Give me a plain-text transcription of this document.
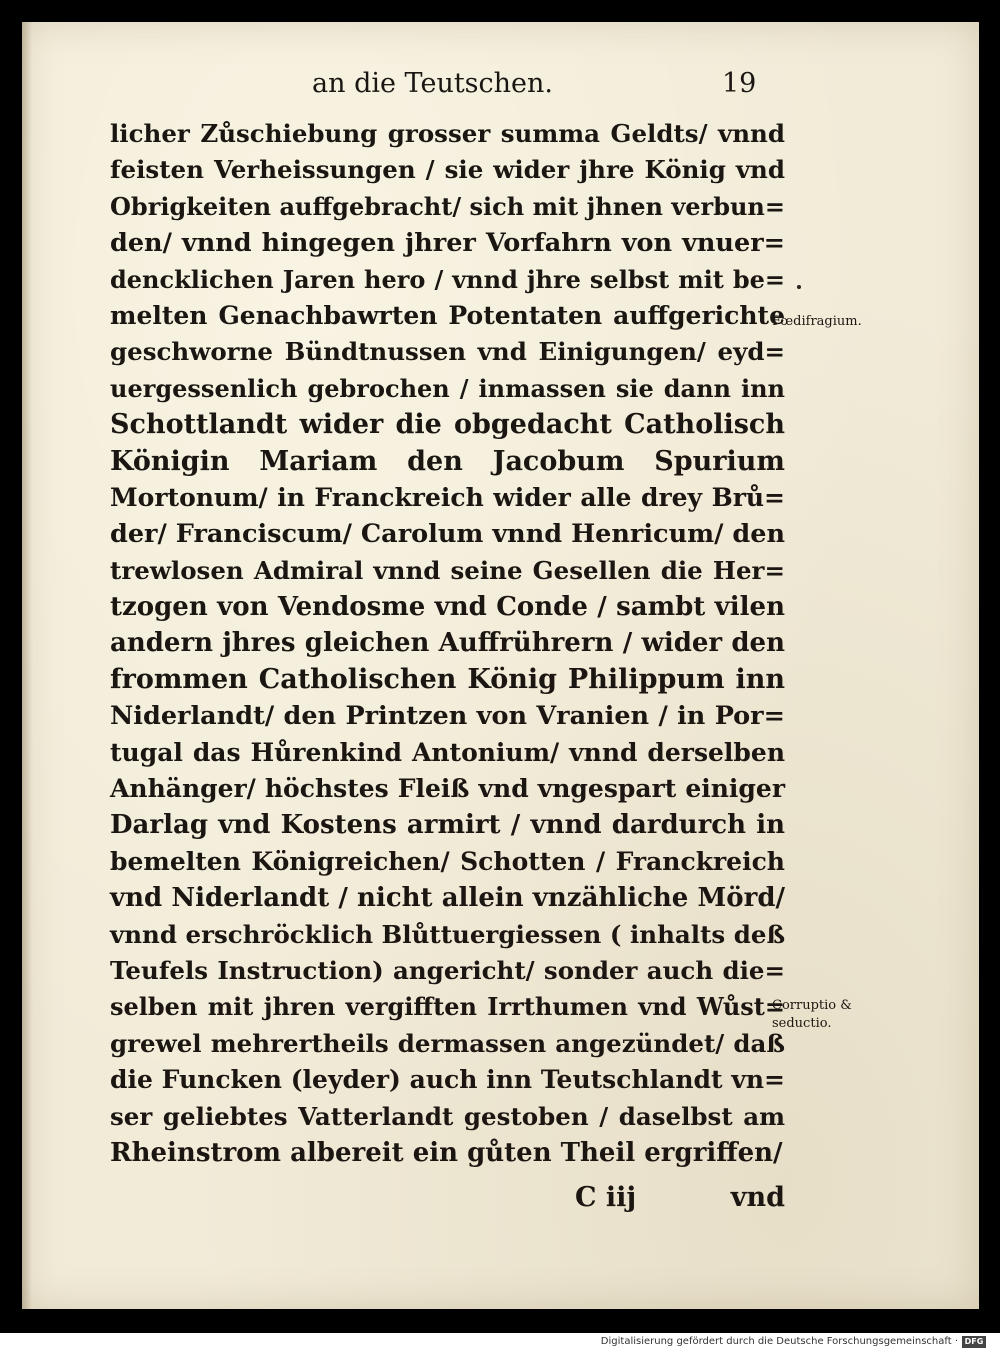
an die Teutschen.	19
licher Zůschiebung grosser summa Geldts/ vnnd
feisten Verheissungen / sie wider jhre König vnd
Obrigkeiten auffgebracht/ sich mit jhnen verbun=
den/ vnnd hingegen jhrer Vorfahrn von vnuer=
dencklichen Jaren hero / vnnd jhre selbst mit be=
melten Genachbawrten Potentaten auffgerichte
geschworne Bündtnussen vnd Einigungen/ eyd=
uergessenlich gebrochen / inmassen sie dann inn
Schottlandt wider die obgedacht Catholisch
Königin Mariam den Jacobum Spurium
Mortonum/ in Franckreich wider alle drey Brů=
der/ Franciscum/ Carolum vnnd Henricum/ den
trewlosen Admiral vnnd seine Gesellen die Her=
tzogen von Vendosme vnd Conde / sambt vilen
andern jhres gleichen Auffrührern / wider den
frommen Catholischen König Philippum inn
Niderlandt/ den Printzen von Vranien / in Por=
tugal das Hůrenkind Antonium/ vnnd derselben
Anhänger/ höchstes Fleiß vnd vngespart einiger
Darlag vnd Kostens armirt / vnnd dardurch in
bemelten Königreichen/ Schotten / Franckreich
vnd Niderlandt / nicht allein vnzähliche Mörd/
vnnd erschröcklich Blůttuergiessen ( inhalts deß
Teufels Instruction) angericht/ sonder auch die=
selben mit jhren vergifften Irrthumen vnd Wůst=
grewel mehrertheils dermassen angezündet/ daß
die Funcken (leyder) auch inn Teutschlandt vn=
ser geliebtes Vatterlandt gestoben / daselbst am
Rheinstrom albereit ein gůten Theil ergriffen/
Fœdifragium.
Corruptio &
seductio.
C iij	vnd
Digitalisierung gefördert durch die Deutsche Forschungsgemeinschaft · DFG
